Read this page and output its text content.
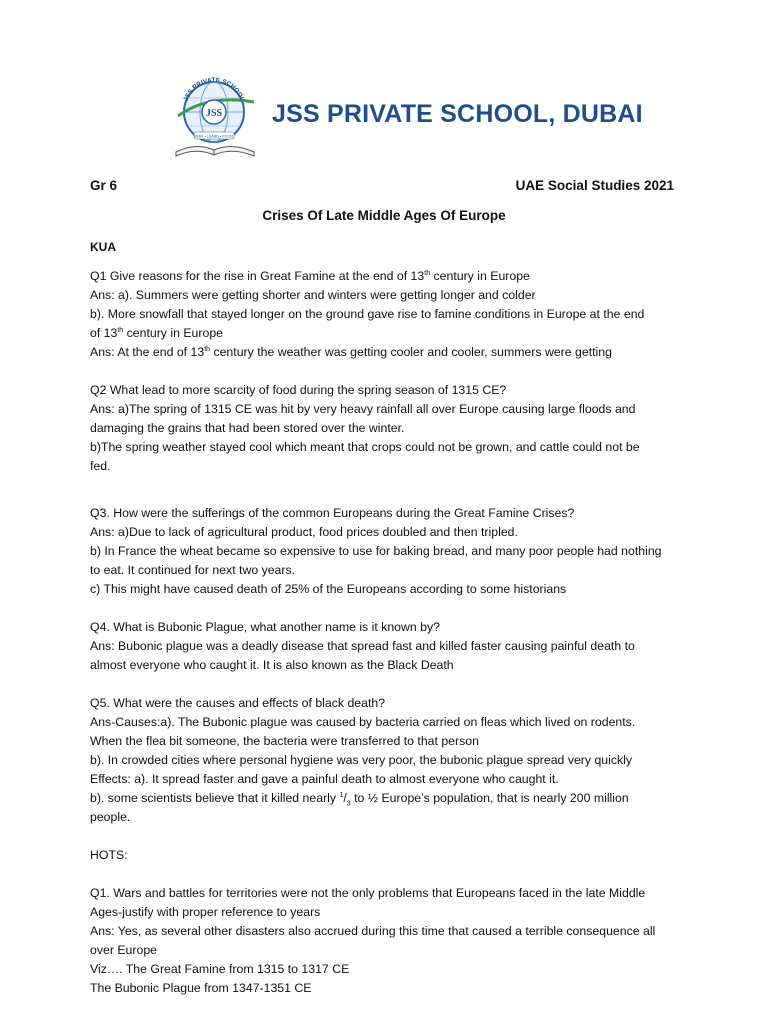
JSS
JSS PRIVATE SCHOOL
SEEK • LEARN • EXCEL
JSS PRIVATE SCHOOL, DUBAI
Gr 6	UAE Social Studies 2021
Crises Of Late Middle Ages Of Europe
KUA

Q1 Give reasons for the rise in Great Famine at the end of 13th century in Europe

Ans: a). Summers were getting shorter and winters were getting longer and colder

b). More snowfall that stayed longer on the ground gave rise to famine conditions in Europe at the end

of 13th century in Europe

Ans: At the end of 13th century the weather was getting cooler and cooler, summers were getting

Q2 What lead to more scarcity of food during the spring season of 1315 CE?

Ans: a)The spring of 1315 CE was hit by very heavy rainfall all over Europe causing large floods and

damaging the grains that had been stored over the winter.

b)The spring weather stayed cool which meant that crops could not be grown, and cattle could not be

fed.

Q3. How were the sufferings of the common Europeans during the Great Famine Crises?

Ans: a)Due to lack of agricultural product, food prices doubled and then tripled.

b) In France the wheat became so expensive to use for baking bread, and many poor people had nothing

to eat. It continued for next two years.

c) This might have caused death of 25% of the Europeans according to some historians

Q4. What is Bubonic Plague, what another name is it known by?

Ans: Bubonic plague was a deadly disease that spread fast and killed faster causing painful death to

almost everyone who caught it. It is also known as the Black Death

Q5. What were the causes and effects of black death?

Ans-Causes:a). The Bubonic plague was caused by bacteria carried on fleas which lived on rodents.

When the flea bit someone, the bacteria were transferred to that person

b). In crowded cities where personal hygiene was very poor, the bubonic plague spread very quickly

Effects: a). It spread faster and gave a painful death to almost everyone who caught it.

b). some scientists believe that it killed nearly $^1/_3$ to ½ Europe’s population, that is nearly 200 million

people.

HOTS:

Q1. Wars and battles for territories were not the only problems that Europeans faced in the late Middle

Ages-justify with proper reference to years

Ans: Yes, as several other disasters also accrued during this time that caused a terrible consequence all

over Europe

Viz…. The Great Famine from 1315 to 1317 CE

The Bubonic Plague from 1347-1351 CE
